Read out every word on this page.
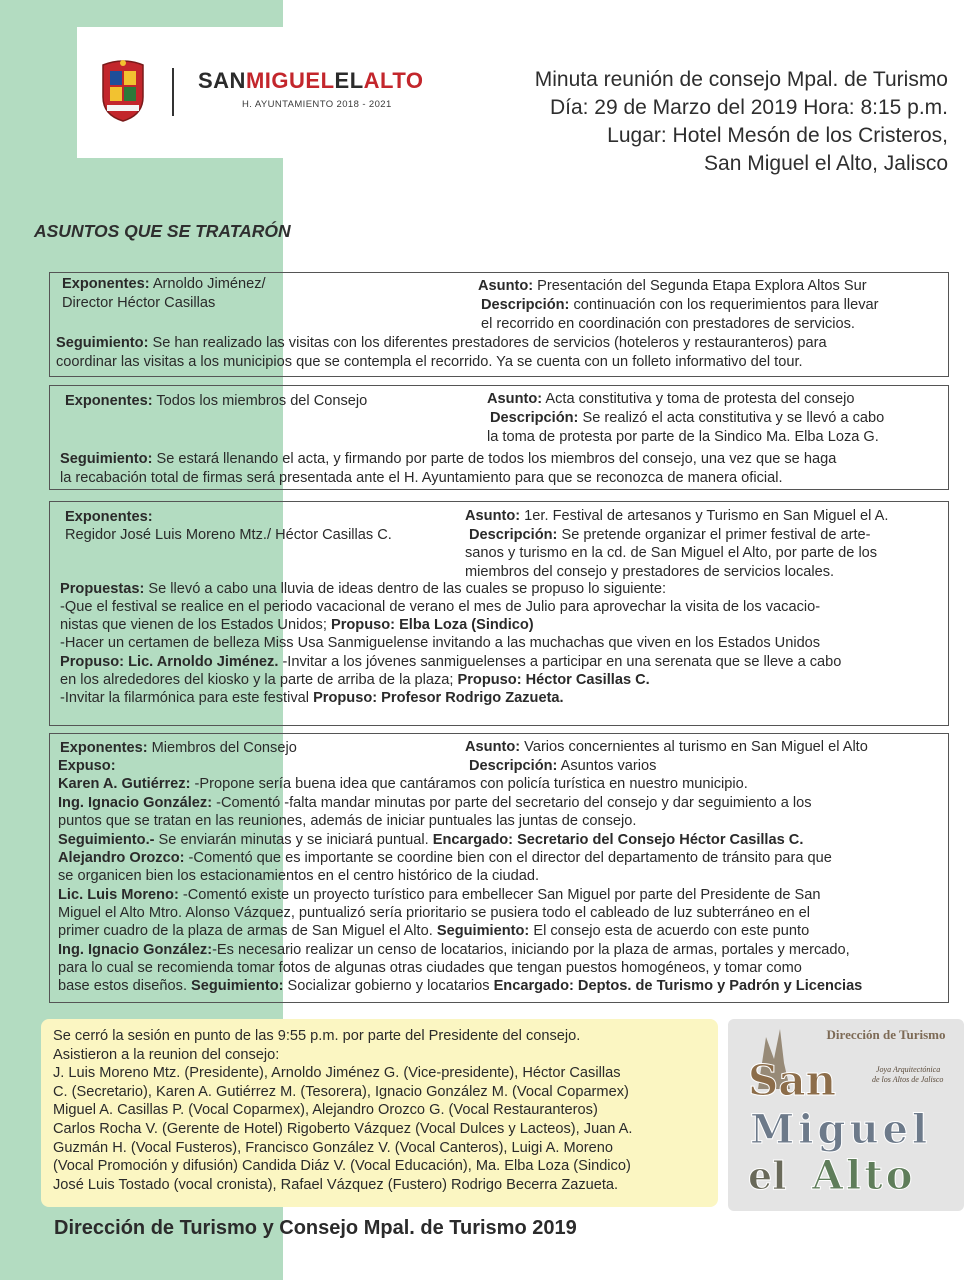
SANMIGUELELALTO
H. AYUNTAMIENTO 2018 - 2021
Minuta reunión de consejo Mpal. de Turismo
Día: 29 de Marzo del 2019 Hora: 8:15 p.m.
Lugar: Hotel Mesón de los Cristeros,
San Miguel el Alto, Jalisco
ASUNTOS QUE SE TRATARÓN
Exponentes: Arnoldo Jiménez/
Director Héctor Casillas
Asunto: Presentación del Segunda Etapa Explora Altos Sur
Descripción: continuación con los requerimientos para llevar
el recorrido en coordinación con prestadores de servicios.
Seguimiento: Se han realizado las visitas con los diferentes prestadores de servicios (hoteleros y restauranteros) para
coordinar las visitas a los municipios que se contempla el recorrido. Ya se cuenta con un folleto informativo del tour.
Exponentes: Todos los miembros del Consejo	Asunto: Acta constitutiva y toma de protesta del consejo
Descripción: Se realizó el acta constitutiva y se llevó a cabo
la toma de protesta por parte de la Sindico Ma. Elba Loza G.
Seguimiento: Se estará llenando el acta, y firmando por parte de todos los miembros del consejo, una vez que se haga
la recabación total de firmas será presentada ante el H. Ayuntamiento para que se reconozca de manera oficial.
Exponentes:
Regidor José Luis Moreno Mtz./ Héctor Casillas C.
Asunto: 1er. Festival de artesanos y Turismo en San Miguel el A.
Descripción: Se pretende organizar el primer festival de arte-
sanos y turismo en la cd. de San Miguel el Alto, por parte de los
miembros del consejo y prestadores de servicios locales.
Propuestas: Se llevó a cabo una lluvia de ideas dentro de las cuales se propuso lo siguiente:
-Que el festival se realice en el periodo vacacional de verano el mes de Julio para aprovechar la visita de los vacacio-
nistas que vienen de los Estados Unidos; Propuso: Elba Loza (Sindico)
-Hacer un certamen de belleza Miss Usa Sanmiguelense invitando a las muchachas que viven en los Estados Unidos
Propuso: Lic. Arnoldo Jiménez. -Invitar a los jóvenes sanmiguelenses a participar en una serenata que se lleve a cabo
en los alrededores del kiosko y la parte de arriba de la plaza; Propuso: Héctor Casillas C.
-Invitar la filarmónica para este festival Propuso: Profesor Rodrigo Zazueta.
Exponentes: Miembros del Consejo	Asunto: Varios concernientes al turismo en San Miguel el Alto
Expuso:	Descripción: Asuntos varios
Karen A. Gutiérrez: -Propone sería buena idea que cantáramos con policía turística en nuestro municipio.
Ing. Ignacio González: -Comentó -falta mandar minutas por parte del secretario del consejo y dar seguimiento a los
puntos que se tratan en las reuniones, además de iniciar puntuales las juntas de consejo.
Seguimiento.- Se enviarán minutas y se iniciará puntual. Encargado: Secretario del Consejo Héctor Casillas C.
Alejandro Orozco: -Comentó que es importante se coordine bien con el director del departamento de tránsito para que
se organicen bien los estacionamientos en el centro histórico de la ciudad.
Lic. Luis Moreno: -Comentó existe un proyecto turístico para embellecer San Miguel por parte del Presidente de San
Miguel el Alto Mtro. Alonso Vázquez, puntualizó sería prioritario se pusiera todo el cableado de luz subterráneo en el
primer cuadro de la plaza de armas de San Miguel el Alto. Seguimiento: El consejo esta de acuerdo con este punto
Ing. Ignacio González:-Es necesario realizar un censo de locatarios, iniciando por la plaza de armas, portales y mercado,
para lo cual se recomienda tomar fotos de algunas otras ciudades que tengan puestos homogéneos, y tomar como
base estos diseños. Seguimiento: Socializar gobierno y locatarios Encargado: Deptos. de Turismo y Padrón y Licencias
Se cerró la sesión en punto de las 9:55 p.m. por parte del Presidente del consejo.
Asistieron a la reunion del consejo:
J. Luis Moreno Mtz. (Presidente), Arnoldo Jiménez G. (Vice-presidente), Héctor Casillas
C. (Secretario), Karen A. Gutiérrez M. (Tesorera), Ignacio González M. (Vocal Coparmex)
Miguel A. Casillas P. (Vocal Coparmex), Alejandro Orozco G. (Vocal Restauranteros)
Carlos Rocha V. (Gerente de Hotel) Rigoberto Vázquez (Vocal Dulces y Lacteos), Juan A.
Guzmán H. (Vocal Fusteros), Francisco González V. (Vocal Canteros), Luigi A. Moreno
(Vocal Promoción y difusión) Candida Diáz V. (Vocal Educación), Ma. Elba Loza (Sindico)
José Luis Tostado (vocal cronista), Rafael Vázquez (Fustero) Rodrigo Becerra Zazueta.
Dirección de Turismo
San	Joya Arquitectónica
de los Altos de Jalisco
Miguel
el Alto
Dirección de Turismo y Consejo Mpal. de Turismo 2019
